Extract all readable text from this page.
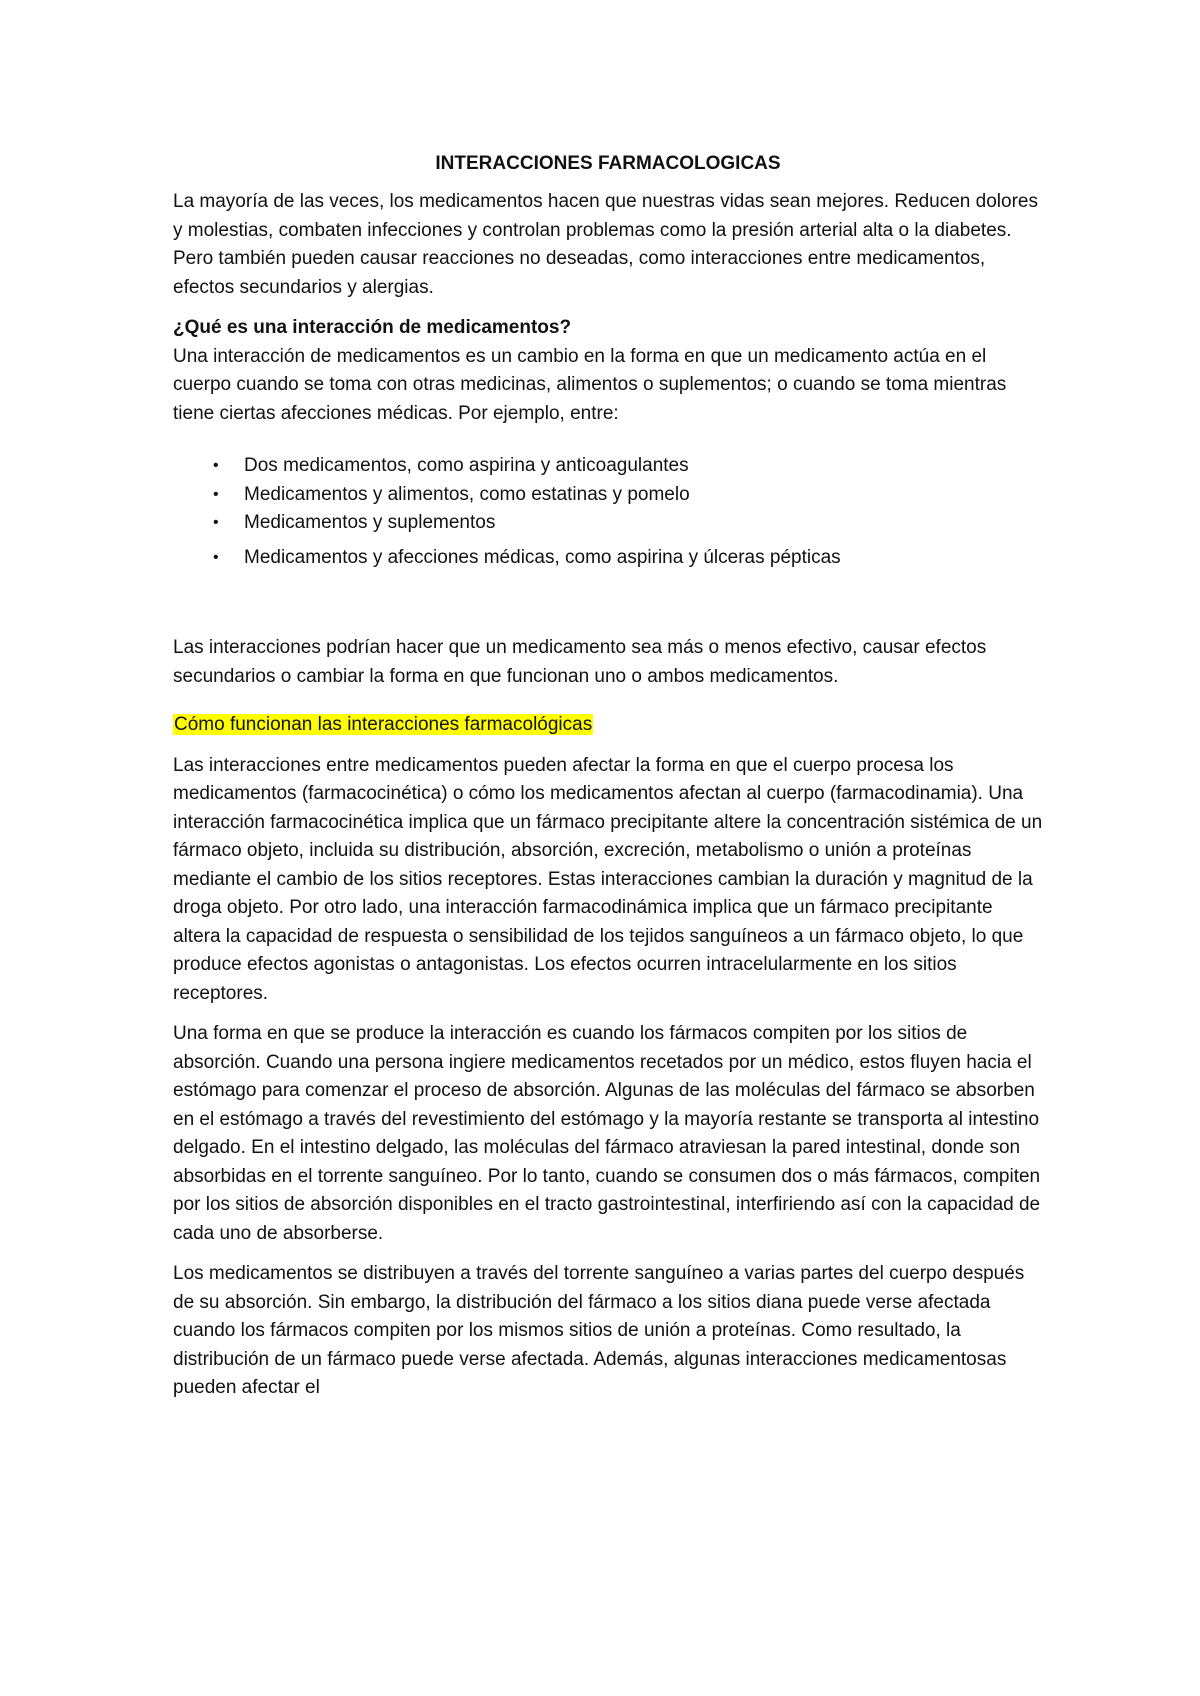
INTERACCIONES FARMACOLOGICAS

La mayoría de las veces, los medicamentos hacen que nuestras vidas sean mejores. Reducen dolores y molestias, combaten infecciones y controlan problemas como la presión arterial alta o la diabetes. Pero también pueden causar reacciones no deseadas, como interacciones entre medicamentos, efectos secundarios y alergias.

¿Qué es una interacción de medicamentos?

Una interacción de medicamentos es un cambio en la forma en que un medicamento actúa en el cuerpo cuando se toma con otras medicinas, alimentos o suplementos; o cuando se toma mientras tiene ciertas afecciones médicas. Por ejemplo, entre:

• Dos medicamentos, como aspirina y anticoagulantes
• Medicamentos y alimentos, como estatinas y pomelo
• Medicamentos y suplementos
• Medicamentos y afecciones médicas, como aspirina y úlceras pépticas

Las interacciones podrían hacer que un medicamento sea más o menos efectivo, causar efectos secundarios o cambiar la forma en que funcionan uno o ambos medicamentos.

Cómo funcionan las interacciones farmacológicas

Las interacciones entre medicamentos pueden afectar la forma en que el cuerpo procesa los medicamentos (farmacocinética) o cómo los medicamentos afectan al cuerpo (farmacodinamia). Una interacción farmacocinética implica que un fármaco precipitante altere la concentración sistémica de un fármaco objeto, incluida su distribución, absorción, excreción, metabolismo o unión a proteínas mediante el cambio de los sitios receptores. Estas interacciones cambian la duración y magnitud de la droga objeto. Por otro lado, una interacción farmacodinámica implica que un fármaco precipitante altera la capacidad de respuesta o sensibilidad de los tejidos sanguíneos a un fármaco objeto, lo que produce efectos agonistas o antagonistas. Los efectos ocurren intracelularmente en los sitios receptores.

Una forma en que se produce la interacción es cuando los fármacos compiten por los sitios de absorción. Cuando una persona ingiere medicamentos recetados por un médico, estos fluyen hacia el estómago para comenzar el proceso de absorción. Algunas de las moléculas del fármaco se absorben en el estómago a través del revestimiento del estómago y la mayoría restante se transporta al intestino delgado. En el intestino delgado, las moléculas del fármaco atraviesan la pared intestinal, donde son absorbidas en el torrente sanguíneo. Por lo tanto, cuando se consumen dos o más fármacos, compiten por los sitios de absorción disponibles en el tracto gastrointestinal, interfiriendo así con la capacidad de cada uno de absorberse.

Los medicamentos se distribuyen a través del torrente sanguíneo a varias partes del cuerpo después de su absorción. Sin embargo, la distribución del fármaco a los sitios diana puede verse afectada cuando los fármacos compiten por los mismos sitios de unión a proteínas. Como resultado, la distribución de un fármaco puede verse afectada. Además, algunas interacciones medicamentosas pueden afectar el
